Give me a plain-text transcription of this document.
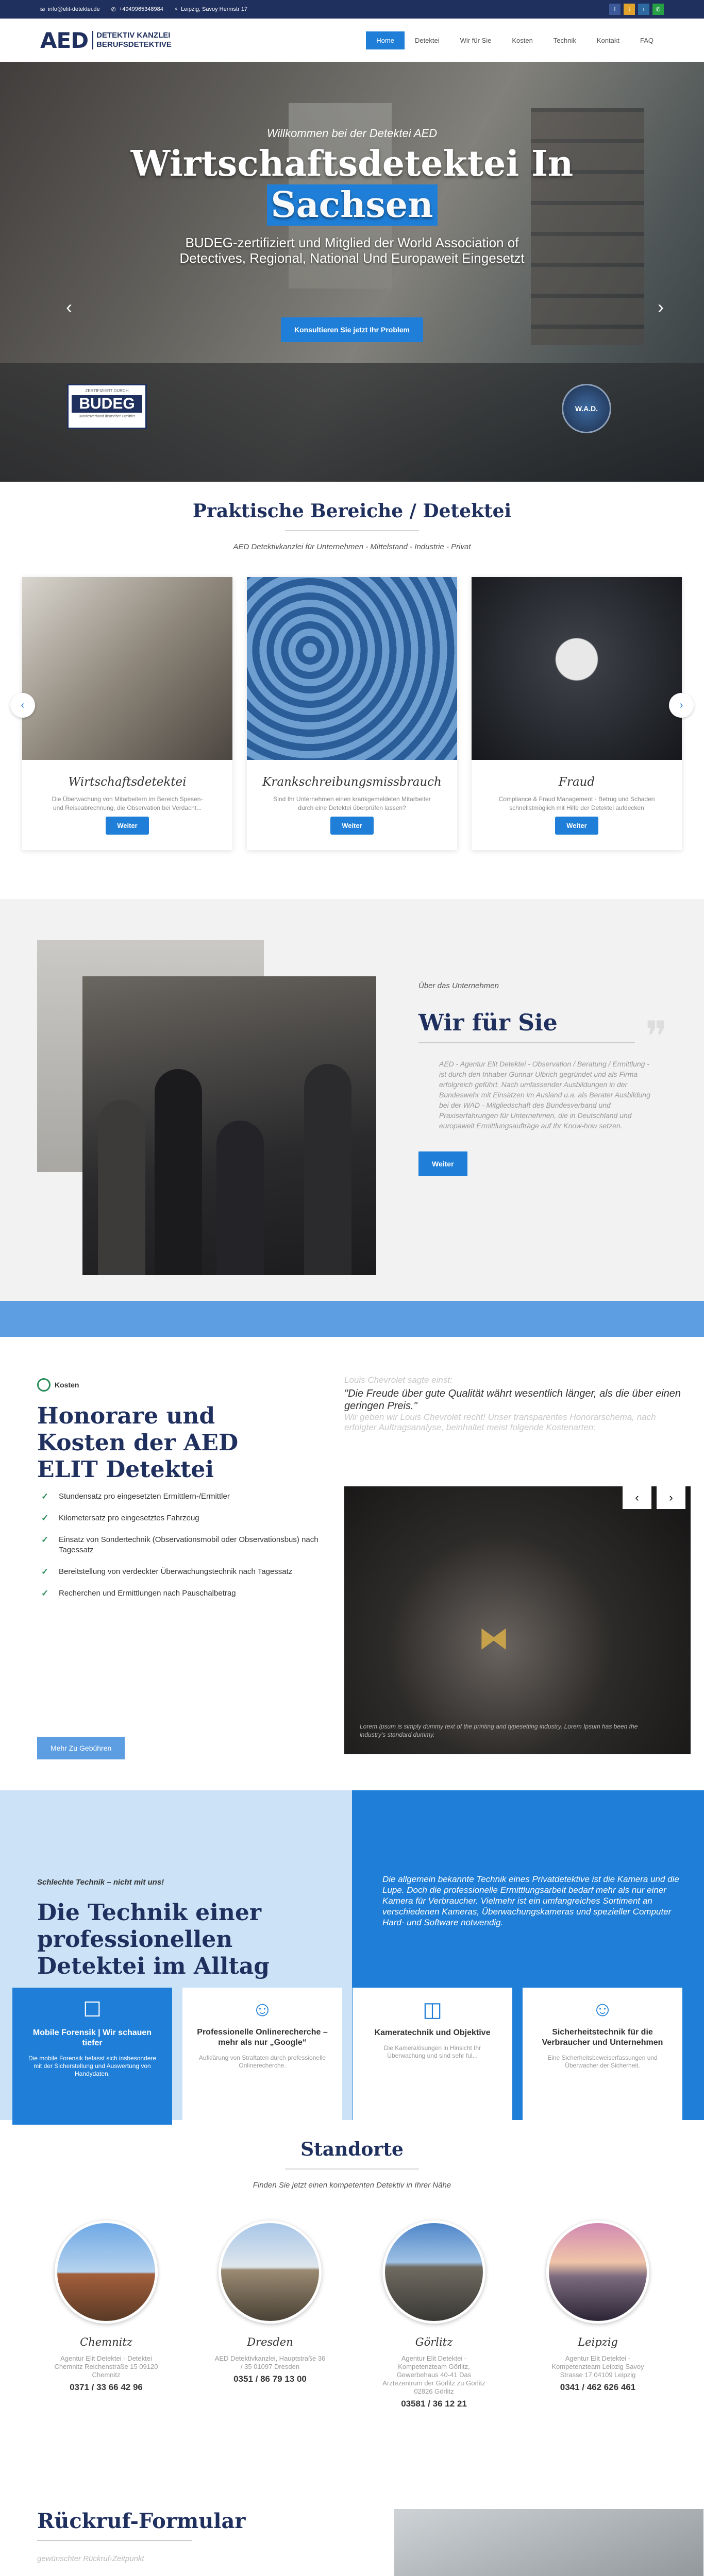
✉ info@elit-detektei.de ✆ +4949965348984 ⌖ Leipzig, Savoy Hermstr 17	f	t	i	✆
AED DETEKTIV KANZLEI
BERUFSDETEKTIVE	Home	Detektei	Wir für Sie	Kosten	Technik	Kontakt	FAQ
Willkommen bei der Detektei AED
Wirtschaftsdetektei In
Sachsen
BUDEG-zertifiziert und Mitglied der World Association of Detectives, Regional, National Und Europaweit Eingesetzt
Konsultieren Sie jetzt Ihr Problem
‹	›
ZERTIFIZIERT DURCH
BUDEG
Bundesverband deutscher Ermittler
W.A.D.
Praktische Bereiche / Detektei
AED Detektivkanzlei für Unternehmen - Mittelstand - Industrie - Privat
Wirtschaftsdetektei

Die Überwachung von Mitarbeitern im Bereich Spesen- und Reiseabrechnung, die Observation bei Verdacht...

Weiter
Krankschreibungsmissbrauch

Sind Ihr Unternehmen einen krankgemeldeten Mitarbeiter durch eine Detektei überprüfen lassen?

Weiter
Fraud

Compliance & Fraud Management - Betrug und Schaden schnellstmöglich mit Hilfe der Detektei aufdecken

Weiter
‹	›
Über das Unternehmen
❞
Wir für Sie

AED - Agentur Elit Detektei - Observation / Beratung / Ermittlung - ist durch den Inhaber Gunnar Ulbrich gegründet und als Firma erfolgreich geführt. Nach umfassender Ausbildungen in der Bundeswehr mit Einsätzen im Ausland u.a. als Berater Ausbildung bei der WAD - Mitgliedschaft des Bundesverband und Praxiserfahrungen für Unternehmen, die in Deutschland und europaweit Ermittlungsaufträge auf Ihr Know-how setzen.

Weiter
Kosten
Honorare und Kosten der AED ELIT Detektei
✓ Stundensatz pro eingesetzten Ermittlern-/Ermittler
✓ Kilometersatz pro eingesetztes Fahrzeug
✓ Einsatz von Sondertechnik (Observationsmobil oder Observationsbus) nach Tagessatz
✓ Bereitstellung von verdeckter Überwachungstechnik nach Tagessatz
✓ Recherchen und Ermittlungen nach Pauschalbetrag
Mehr Zu Gebühren
Louis Chevrolet sagte einst:
"Die Freude über gute Qualität währt wesentlich länger, als die über einen geringen Preis."
Wir geben wir Louis Chevrolet recht! Unser transparentes Honorarschema, nach erfolgter Auftragsanalyse, beinhaltet meist folgende Kostenarten:
⧓
‹	›
Lorem Ipsum is simply dummy text of the printing and typesetting industry. Lorem Ipsum has been the industry's standard dummy.
Schlechte Technik – nicht mit uns!
Die Technik einer professionellen Detektei im Alltag
Die allgemein bekannte Technik eines Privatdetektive ist die Kamera und die Lupe. Doch die professionelle Ermittlungsarbeit bedarf mehr als nur einer Kamera für Verbraucher. Vielmehr ist ein umfangreiches Sortiment an verschiedenen Kameras, Überwachungskameras und spezieller Computer Hard- und Software notwendig.
☐
Mobile Forensik | Wir schauen tiefer

Die mobile Forensik befasst sich insbesondere mit der Sicherstellung und Auswertung von Handydaten.

☺
Professionelle Onlinerecherche – mehr als nur „Google“

Aufklärung von Straftaten durch professionelle Onlinerecherche.

◫
Kameratechnik und Objektive

Die Kameralösungen in Hinsicht Ihr Überwachung und sind sehr ful...

☺
Sicherheitstechnik für die Verbraucher und Unternehmen

Eine Sicherheitsbeweiserfassungen und Überwacher der Sicherheit.

Standorte
Finden Sie jetzt einen kompetenten Detektiv in Ihrer Nähe
Chemnitz

Agentur Elit Detektei - Detektei Chemnitz Reichenstraße 15 09120 Chemnitz

0371 / 33 66 42 96
Dresden

AED Detektivkanzlei, Hauptstraße 36 / 35 01097 Dresden

0351 / 86 79 13 00
Görlitz

Agentur Elit Detektei - Kompetenzteam Görlitz, Gewerbehaus 40-41 Das Ärztezentrum der Görlitz zu Görlitz 02826 Görlitz

03581 / 36 12 21
Leipzig

Agentur Elit Detektei - Kompetenzteam Leipzig Savoy Strasse 17 04109 Leipzig

0341 / 462 626 461
Rückruf-Formular
gewünschter Rückruf-Zeitpunkt
